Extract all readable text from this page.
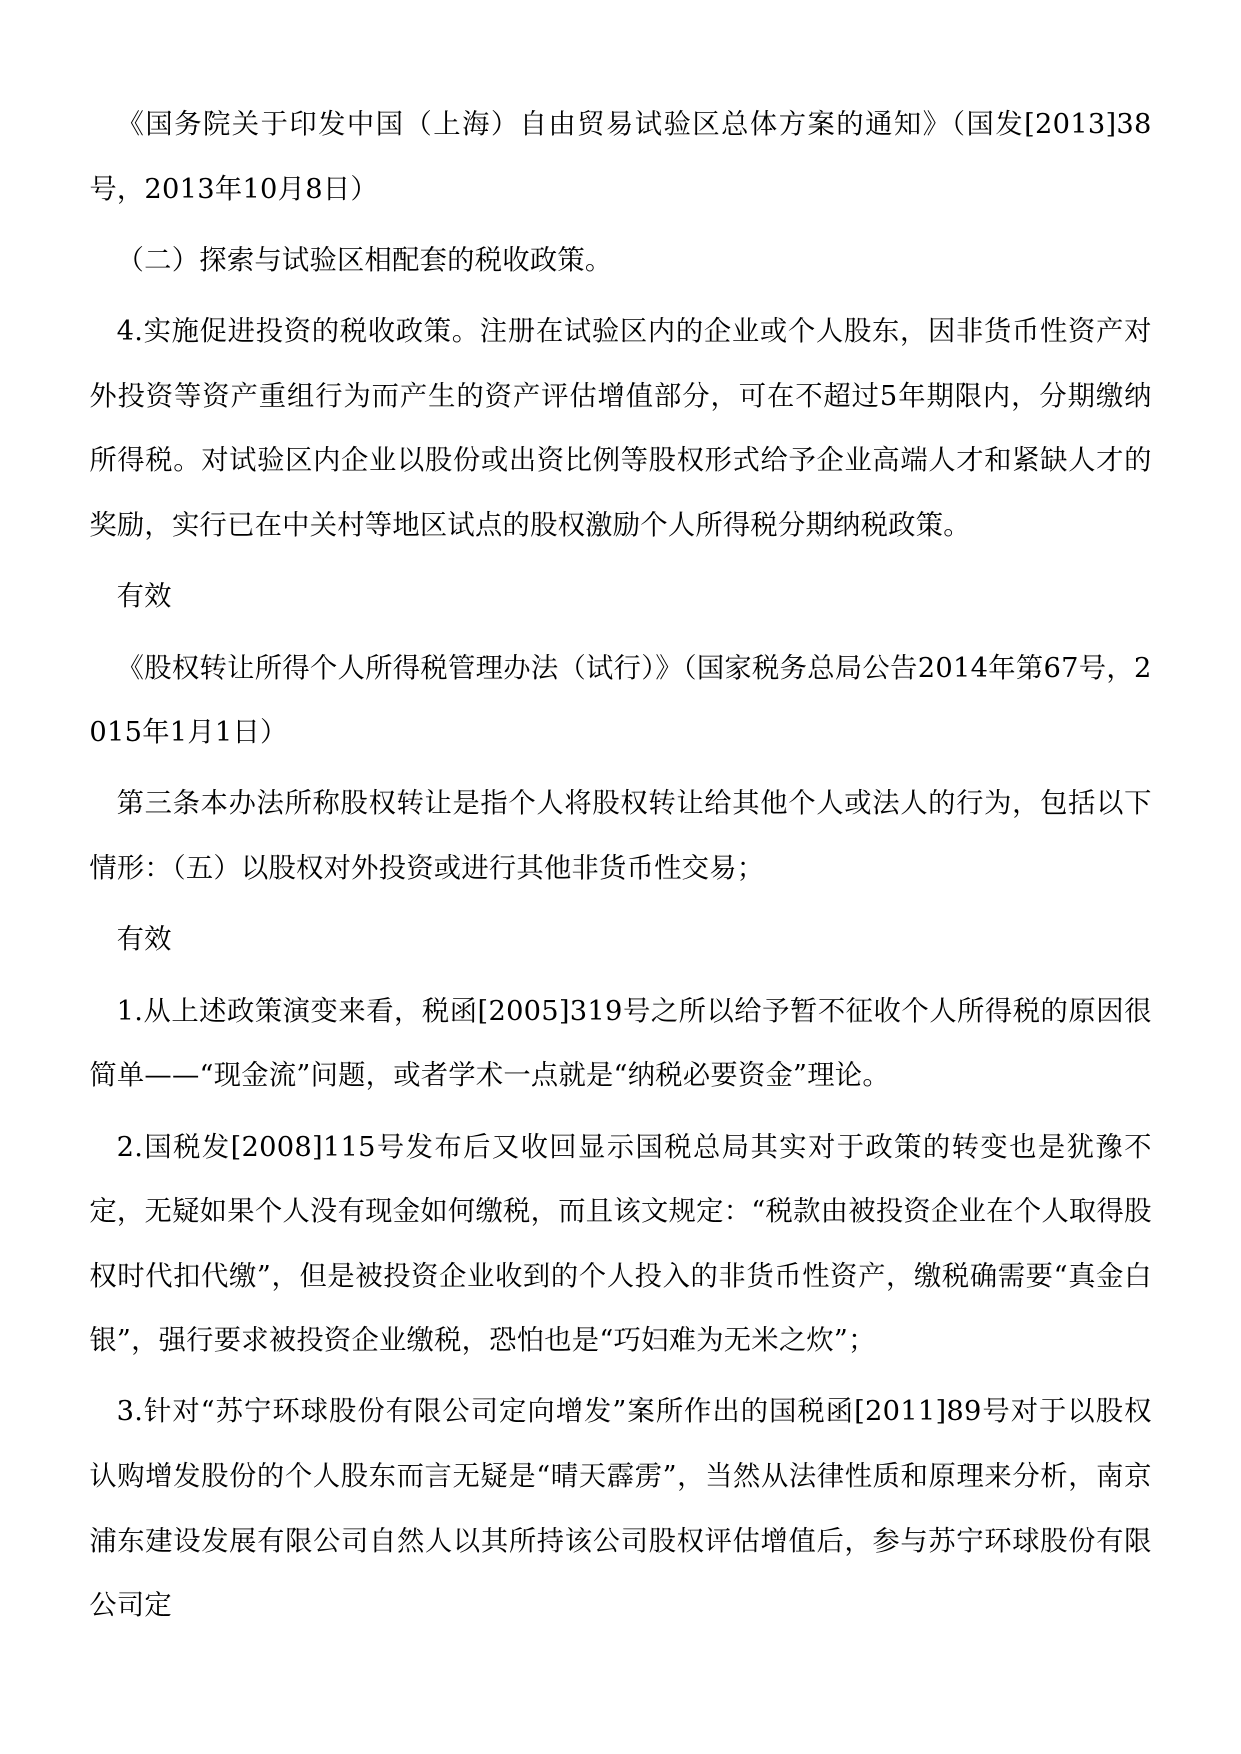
《国务院关于印发中国（上海）自由贸易试验区总体方案的通知》（国发[2013]38号，2013年10月8日）

（二）探索与试验区相配套的税收政策。

4.实施促进投资的税收政策。注册在试验区内的企业或个人股东，因非货币性资产对外投资等资产重组行为而产生的资产评估增值部分，可在不超过5年期限内，分期缴纳所得税。对试验区内企业以股份或出资比例等股权形式给予企业高端人才和紧缺人才的奖励，实行已在中关村等地区试点的股权激励个人所得税分期纳税政策。

有效

《股权转让所得个人所得税管理办法（试行）》（国家税务总局公告2014年第67号，2015年1月1日）

第三条本办法所称股权转让是指个人将股权转让给其他个人或法人的行为，包括以下情形：（五）以股权对外投资或进行其他非货币性交易；

有效

1.从上述政策演变来看，税函[2005]319号之所以给予暂不征收个人所得税的原因很简单——“现金流”问题，或者学术一点就是“纳税必要资金”理论。

2.国税发[2008]115号发布后又收回显示国税总局其实对于政策的转变也是犹豫不定，无疑如果个人没有现金如何缴税，而且该文规定：“税款由被投资企业在个人取得股权时代扣代缴”，但是被投资企业收到的个人投入的非货币性资产，缴税确需要“真金白银”，强行要求被投资企业缴税，恐怕也是“巧妇难为无米之炊”；

3.针对“苏宁环球股份有限公司定向增发”案所作出的国税函[2011]89号对于以股权认购增发股份的个人股东而言无疑是“晴天霹雳”，当然从法律性质和原理来分析，南京浦东建设发展有限公司自然人以其所持该公司股权评估增值后，参与苏宁环球股份有限公司定
